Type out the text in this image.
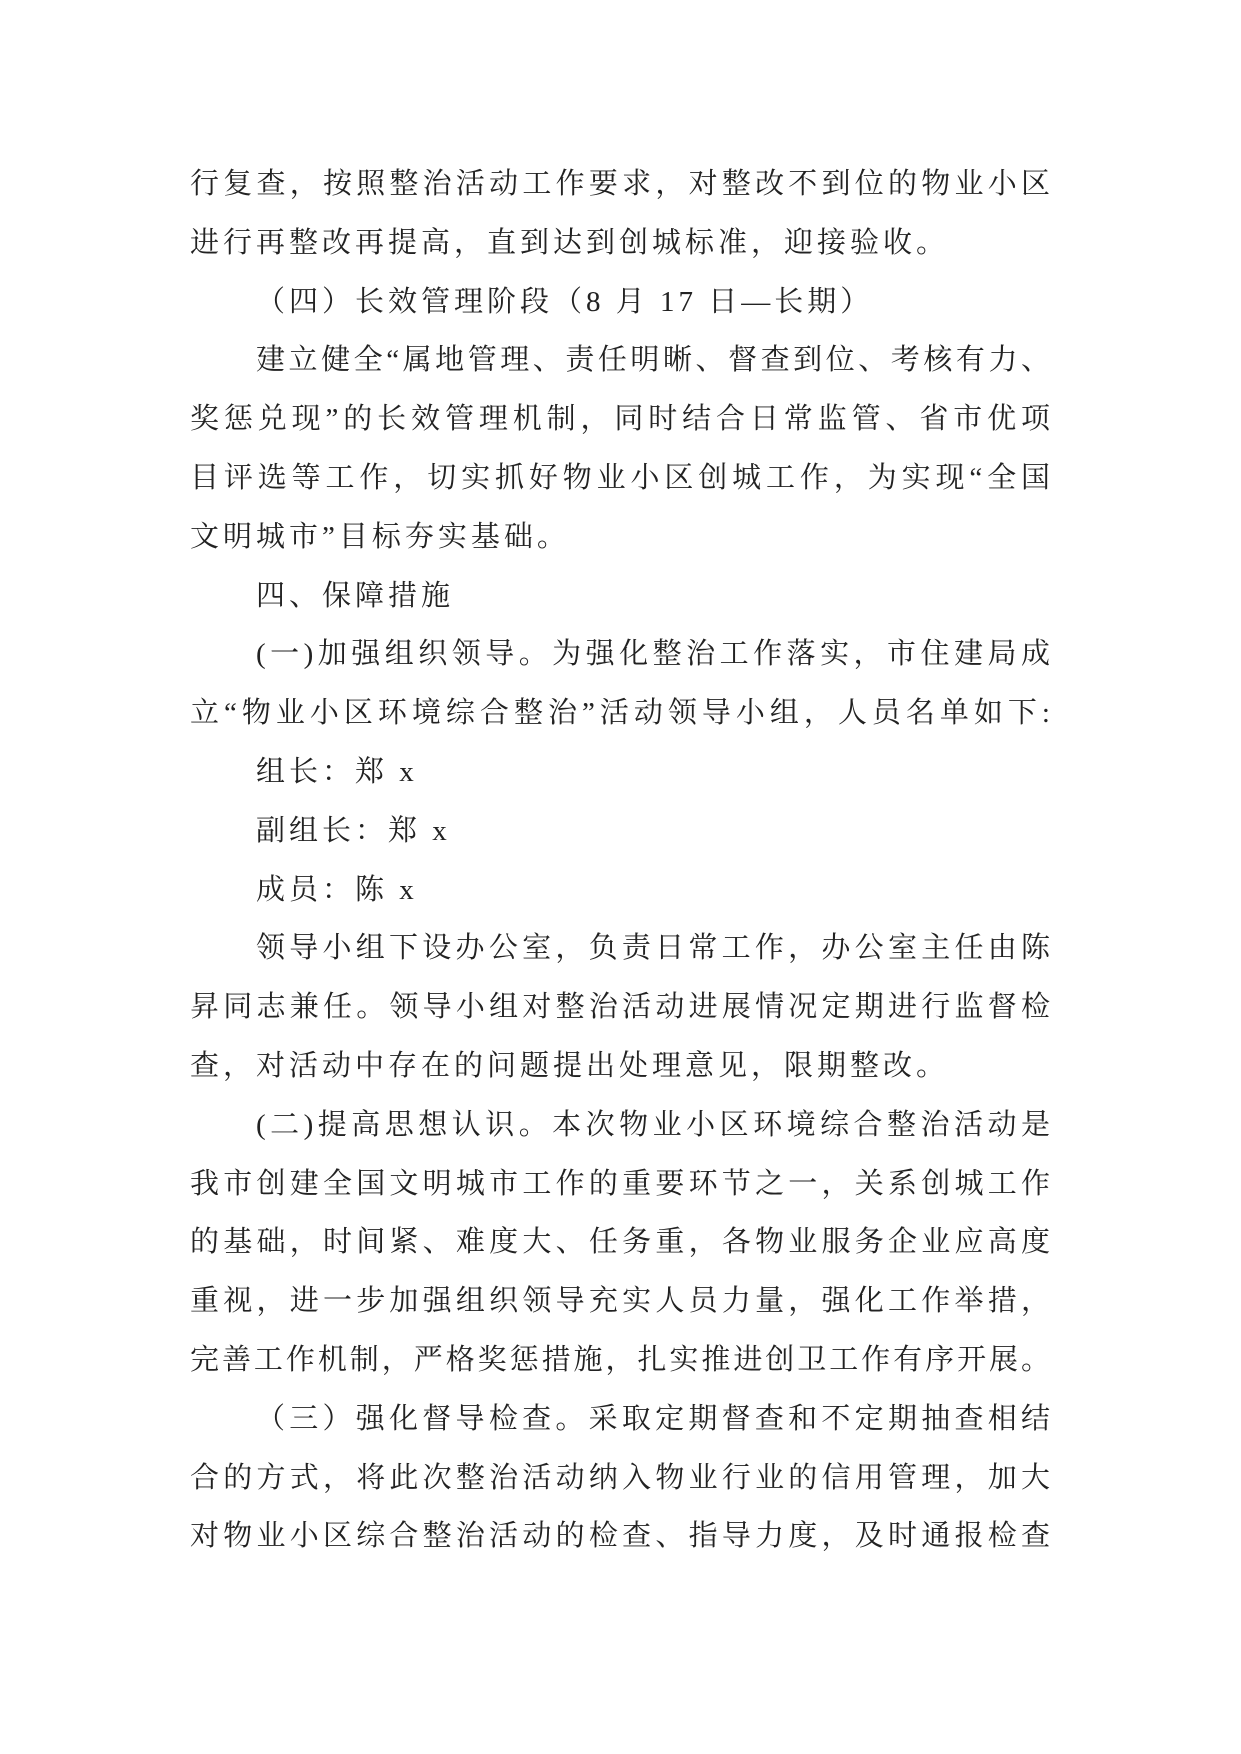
行复查，按照整治活动工作要求，对整改不到位的物业小区
进行再整改再提高，直到达到创城标准，迎接验收。
（四）长效管理阶段（8 月 17 日—长期）
建立健全“属地管理、责任明晰、督查到位、考核有力、
奖惩兑现”的长效管理机制，同时结合日常监管、省市优项
目评选等工作，切实抓好物业小区创城工作，为实现“全国
文明城市”目标夯实基础。
四、保障措施
(一)加强组织领导。为强化整治工作落实，市住建局成
立“物业小区环境综合整治”活动领导小组，人员名单如下:
组长：郑 x
副组长：郑 x
成员：陈 x
领导小组下设办公室，负责日常工作，办公室主任由陈
昇同志兼任。领导小组对整治活动进展情况定期进行监督检
查，对活动中存在的问题提出处理意见，限期整改。
(二)提高思想认识。本次物业小区环境综合整治活动是
我市创建全国文明城市工作的重要环节之一，关系创城工作
的基础，时间紧、难度大、任务重，各物业服务企业应高度
重视，进一步加强组织领导充实人员力量，强化工作举措，
完善工作机制，严格奖惩措施，扎实推进创卫工作有序开展。
（三）强化督导检查。采取定期督查和不定期抽查相结
合的方式，将此次整治活动纳入物业行业的信用管理，加大
对物业小区综合整治活动的检查、指导力度，及时通报检查
